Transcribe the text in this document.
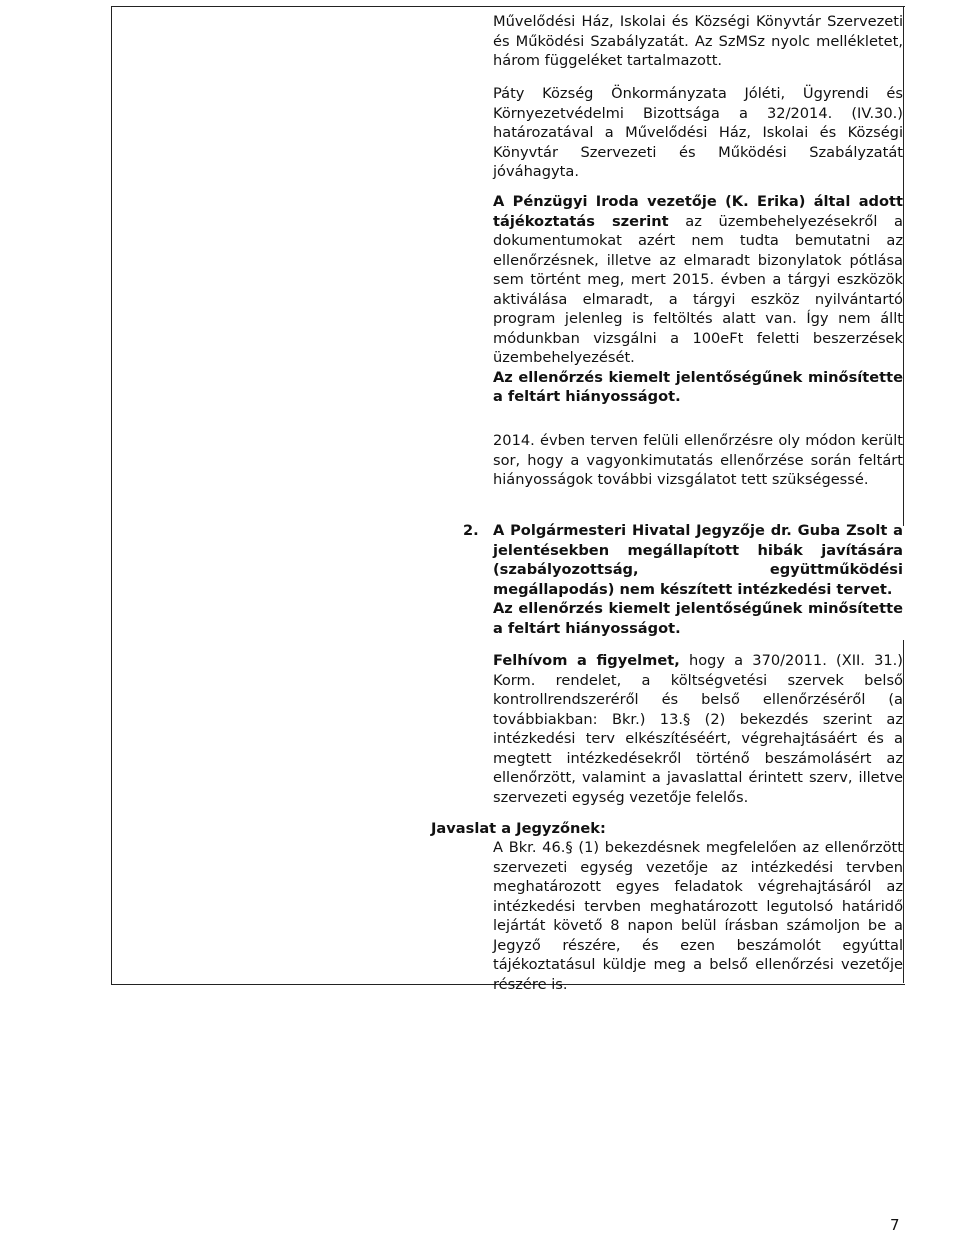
Művelődési Ház, Iskolai és Községi Könyvtár Szervezeti és Működési Szabályzatát. Az SzMSz nyolc mellékletet, három függeléket tartalmazott.

Páty Község Önkormányzata Jóléti, Ügyrendi és Környezetvédelmi Bizottsága a 32/2014. (IV.30.) határozatával a Művelődési Ház, Iskolai és Községi Könyvtár Szervezeti és Működési Szabályzatát jóváhagyta.

A Pénzügyi Iroda vezetője (K. Erika) által adott tájékoztatás szerint az üzembehelyezésekről a dokumentumokat azért nem tudta bemutatni az ellenőrzésnek, illetve az elmaradt bizonylatok pótlása sem történt meg, mert 2015. évben a tárgyi eszközök aktiválása elmaradt, a tárgyi eszköz nyilvántartó program jelenleg is feltöltés alatt van. Így nem állt módunkban vizsgálni a 100eFt feletti beszerzések üzembehelyezését.

Az ellenőrzés kiemelt jelentőségűnek minősítette a feltárt hiányosságot.

2014. évben terven felüli ellenőrzésre oly módon került sor, hogy a vagyonkimutatás ellenőrzése során feltárt hiányosságok további vizsgálatot tett szükségessé.

2. A Polgármesteri Hivatal Jegyzője dr. Guba Zsolt a jelentésekben megállapított hibák javítására (szabályozottság, együttműködési megállapodás) nem készített intézkedési tervet.

Az ellenőrzés kiemelt jelentőségűnek minősítette a feltárt hiányosságot.

Felhívom a figyelmet, hogy a 370/2011. (XII. 31.) Korm. rendelet, a költségvetési szervek belső kontrollrendszeréről és belső ellenőrzéséről (a továbbiakban: Bkr.) 13.§ (2) bekezdés szerint az intézkedési terv elkészítéséért, végrehajtásáért és a megtett intézkedésekről történő beszámolásért az ellenőrzött, valamint a javaslattal érintett szerv, illetve szervezeti egység vezetője felelős.

Javaslat a Jegyzőnek:

A Bkr. 46.§ (1) bekezdésnek megfelelően az ellenőrzött szervezeti egység vezetője az intézkedési tervben meghatározott egyes feladatok végrehajtásáról az intézkedési tervben meghatározott legutolsó határidő lejártát követő 8 napon belül írásban számoljon be a Jegyző részére, és ezen beszámolót egyúttal tájékoztatásul küldje meg a belső ellenőrzési vezetője részére is.

7
